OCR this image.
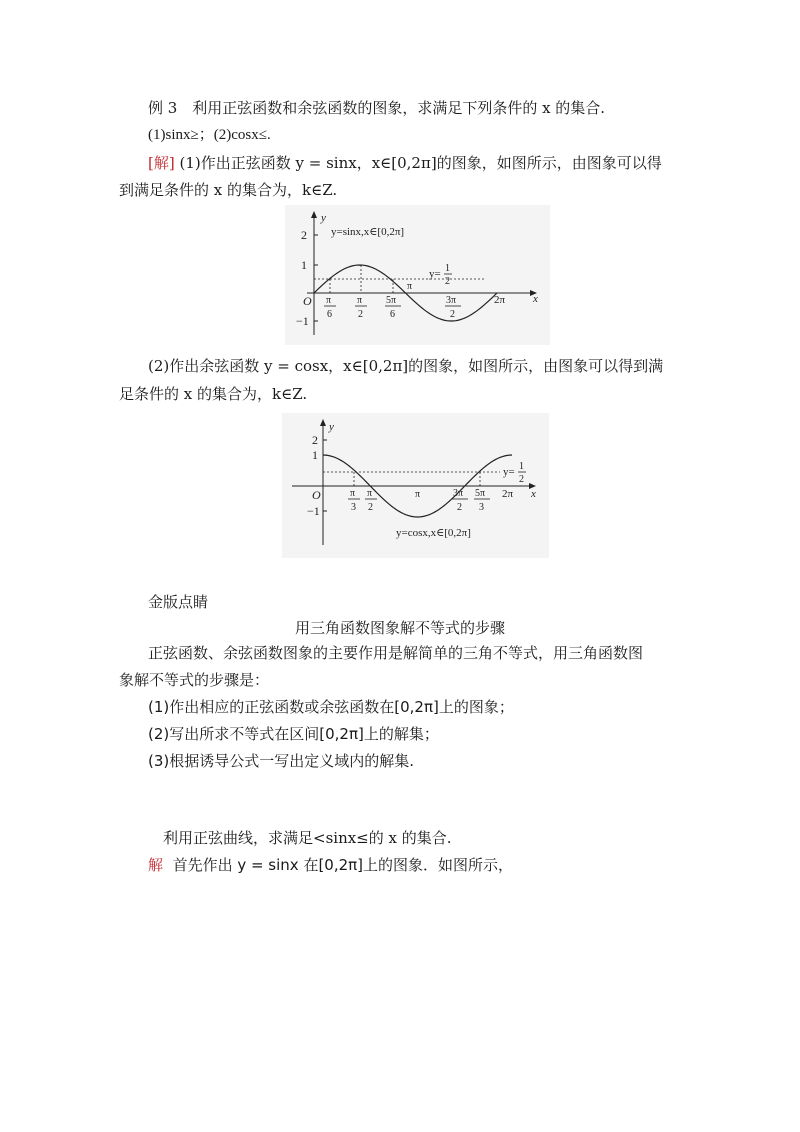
例 3　利用正弦函数和余弦函数的图象，求满足下列条件的 x 的集合.
(1)sinx≥；(2)cosx≤.
[解] (1)作出正弦函数 y = sinx，x∈[0,2π]的图象，如图所示，由图象可以得
到满足条件的 x 的集合为，k∈Z.
y
x
O
2
1
−1
y=sinx,x∈[0,2π]
y= 1
2
π
2π
π
6
π
2
5π
6
3π
2
(2)作出余弦函数 y = cosx，x∈[0,2π]的图象，如图所示，由图象可以得到满
足条件的 x 的集合为，k∈Z.
y
x
O
2
1
−1
y=cosx,x∈[0,2π]
y= 1
2
π	2π
π
3
π
2
3π
2
5π
3
金版点睛
用三角函数图象解不等式的步骤
正弦函数、余弦函数图象的主要作用是解简单的三角不等式，用三角函数图
象解不等式的步骤是：
(1)作出相应的正弦函数或余弦函数在[0,2π]上的图象；
(2)写出所求不等式在区间[0,2π]上的解集；
(3)根据诱导公式一写出定义域内的解集.
利用正弦曲线，求满足<sinx≤的 x 的集合.
解 首先作出 y = sinx 在[0,2π]上的图象．如图所示，
